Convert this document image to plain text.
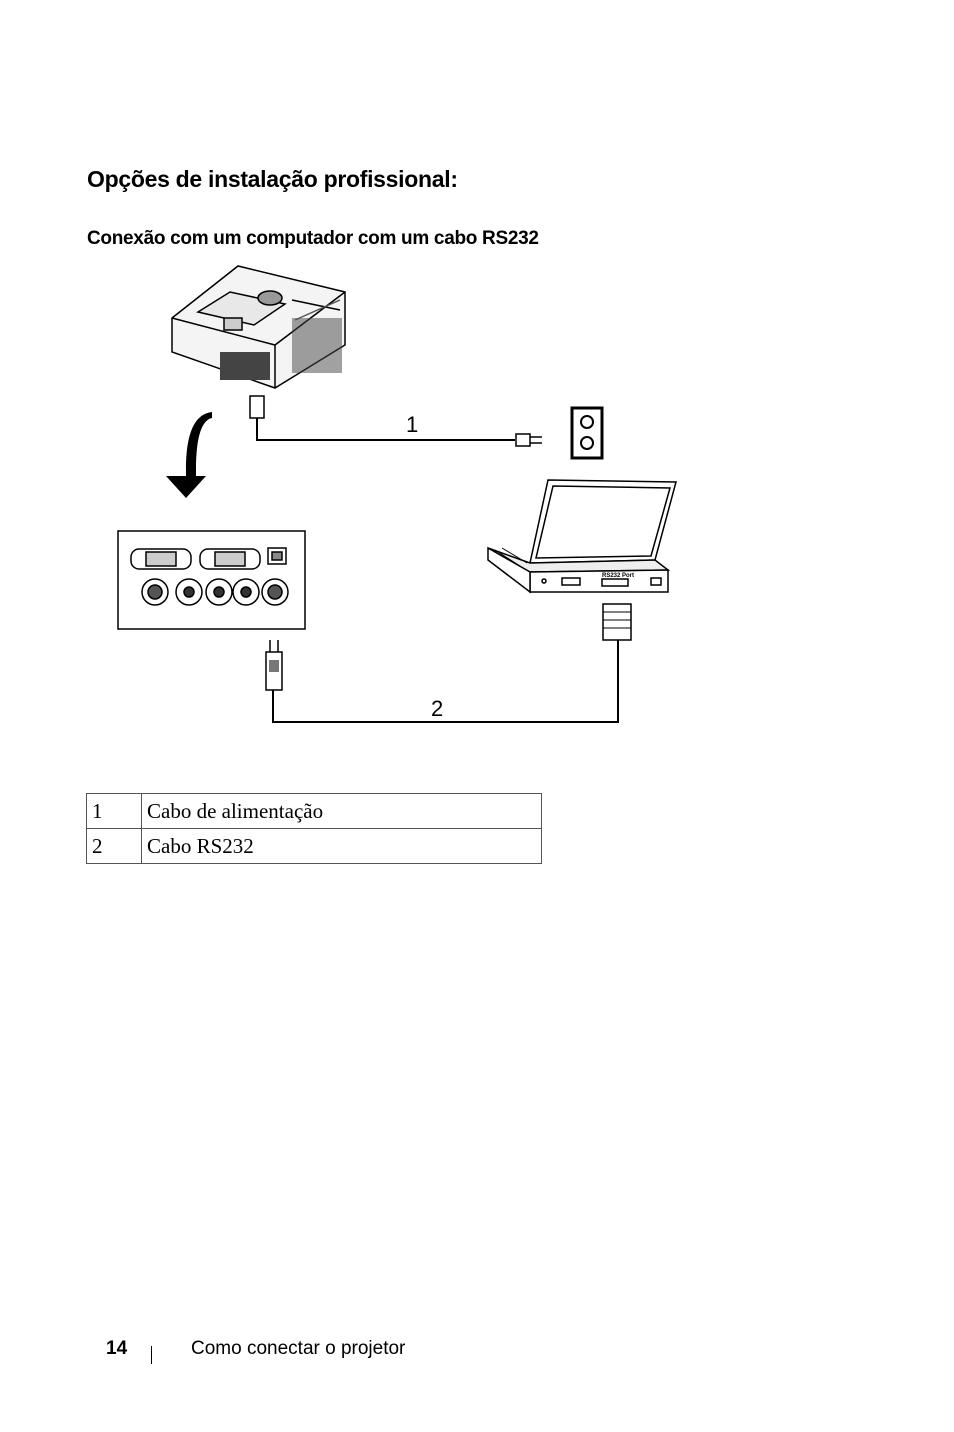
Opções de instalação profissional:
Conexão com um computador com um cabo RS232
1
RS232 Port
2
1	Cabo de alimentação
2	Cabo RS232
14	Como conectar o projetor
